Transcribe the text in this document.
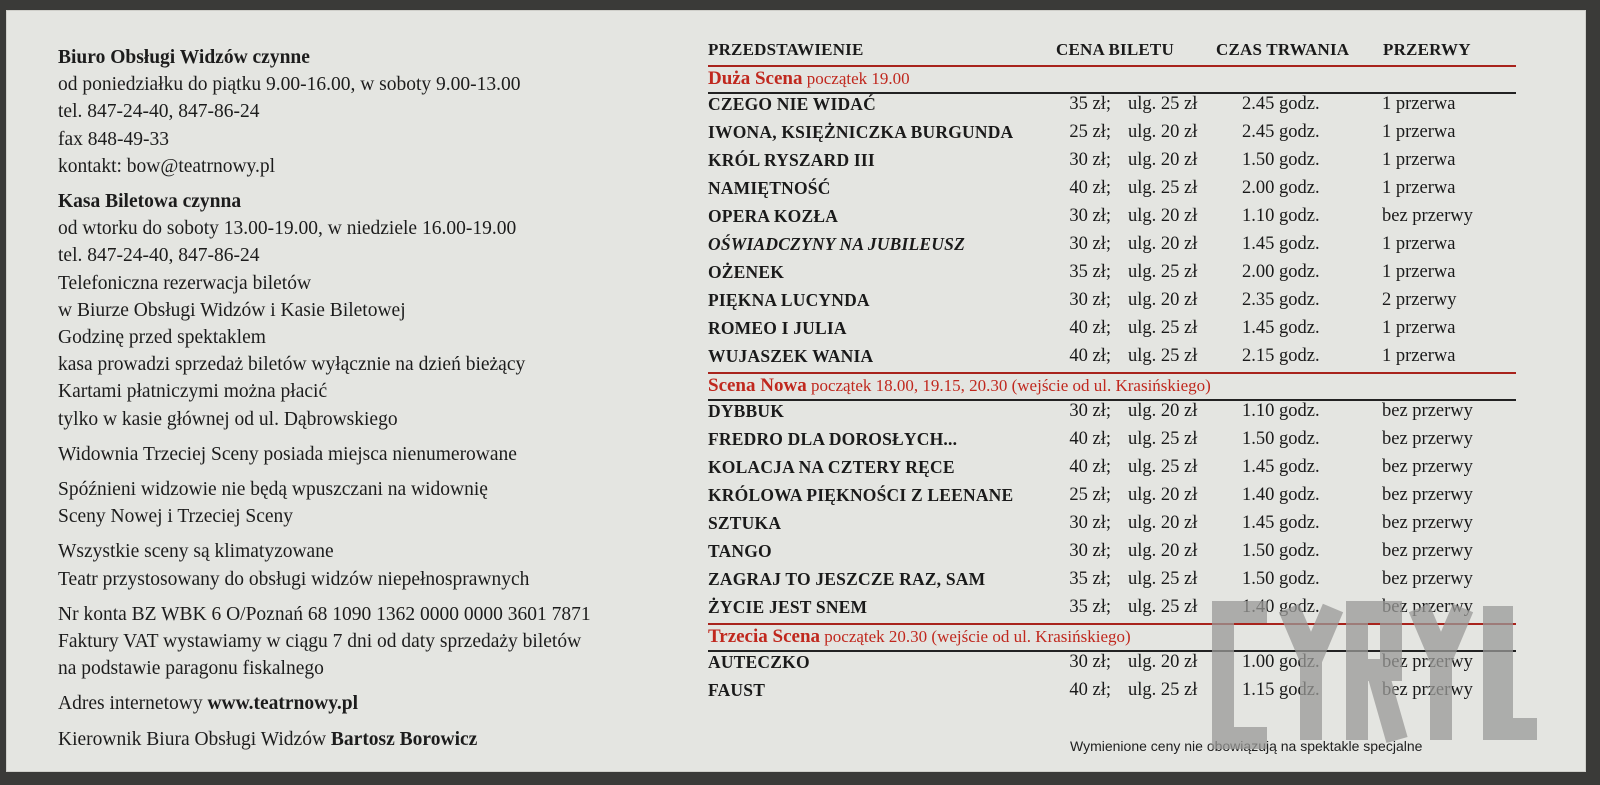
Biuro Obsługi Widzów czynne
od poniedziałku do piątku 9.00-16.00, w soboty 9.00-13.00
tel. 847-24-40, 847-86-24
fax 848-49-33
kontakt: bow@teatrnowy.pl
Kasa Biletowa czynna
od wtorku do soboty 13.00-19.00, w niedziele 16.00-19.00
tel. 847-24-40, 847-86-24
Telefoniczna rezerwacja biletów
w Biurze Obsługi Widzów i Kasie Biletowej
Godzinę przed spektaklem
kasa prowadzi sprzedaż biletów wyłącznie na dzień bieżący
Kartami płatniczymi można płacić
tylko w kasie głównej od ul. Dąbrowskiego
Widownia Trzeciej Sceny posiada miejsca nienumerowane
Spóźnieni widzowie nie będą wpuszczani na widownię
Sceny Nowej i Trzeciej Sceny
Wszystkie sceny są klimatyzowane
Teatr przystosowany do obsługi widzów niepełnosprawnych
Nr konta BZ WBK 6 O/Poznań 68 1090 1362 0000 0000 3601 7871
Faktury VAT wystawiamy w ciągu 7 dni od daty sprzedaży biletów
na podstawie paragonu fiskalnego
Adres internetowy www.teatrnowy.pl
Kierownik Biura Obsługi Widzów Bartosz Borowicz
PRZEDSTAWIENIE	CENA BILETU CZAS TRWANIA PRZERWY
Duża Scena początek 19.00
CZEGO NIE WIDAĆ	35 zł; ulg. 25 zł 2.45 godz.	1 przerwa
IWONA, KSIĘŻNICZKA BURGUNDA	25 zł; ulg. 20 zł 2.45 godz.	1 przerwa
KRÓL RYSZARD III	30 zł; ulg. 20 zł 1.50 godz.	1 przerwa
NAMIĘTNOŚĆ	40 zł; ulg. 25 zł 2.00 godz.	1 przerwa
OPERA KOZŁA	30 zł; ulg. 20 zł 1.10 godz.	bez przerwy
OŚWIADCZYNY NA JUBILEUSZ	30 zł; ulg. 20 zł 1.45 godz.	1 przerwa
OŻENEK	35 zł; ulg. 25 zł 2.00 godz.	1 przerwa
PIĘKNA LUCYNDA	30 zł; ulg. 20 zł 2.35 godz.	2 przerwy
ROMEO I JULIA	40 zł; ulg. 25 zł 1.45 godz.	1 przerwa
WUJASZEK WANIA	40 zł; ulg. 25 zł 2.15 godz.	1 przerwa
Scena Nowa początek 18.00, 19.15, 20.30 (wejście od ul. Krasińskiego)
DYBBUK	30 zł; ulg. 20 zł 1.10 godz.	bez przerwy
FREDRO DLA DOROSŁYCH...	40 zł; ulg. 25 zł 1.50 godz.	bez przerwy
KOLACJA NA CZTERY RĘCE	40 zł; ulg. 25 zł 1.45 godz.	bez przerwy
KRÓLOWA PIĘKNOŚCI Z LEENANE	25 zł; ulg. 20 zł 1.40 godz.	bez przerwy
SZTUKA	30 zł; ulg. 20 zł 1.45 godz.	bez przerwy
TANGO	30 zł; ulg. 20 zł 1.50 godz.	bez przerwy
ZAGRAJ TO JESZCZE RAZ, SAM	35 zł; ulg. 25 zł 1.50 godz.	bez przerwy
ŻYCIE JEST SNEM	35 zł; ulg. 25 zł 1.40 godz.	bez przerwy
Trzecia Scena początek 20.30 (wejście od ul. Krasińskiego)
AUTECZKO	30 zł; ulg. 20 zł 1.00 godz.	bez przerwy
FAUST	40 zł; ulg. 25 zł 1.15 godz.	bez przerwy
Wymienione ceny nie obowiązują na spektakle specjalne
